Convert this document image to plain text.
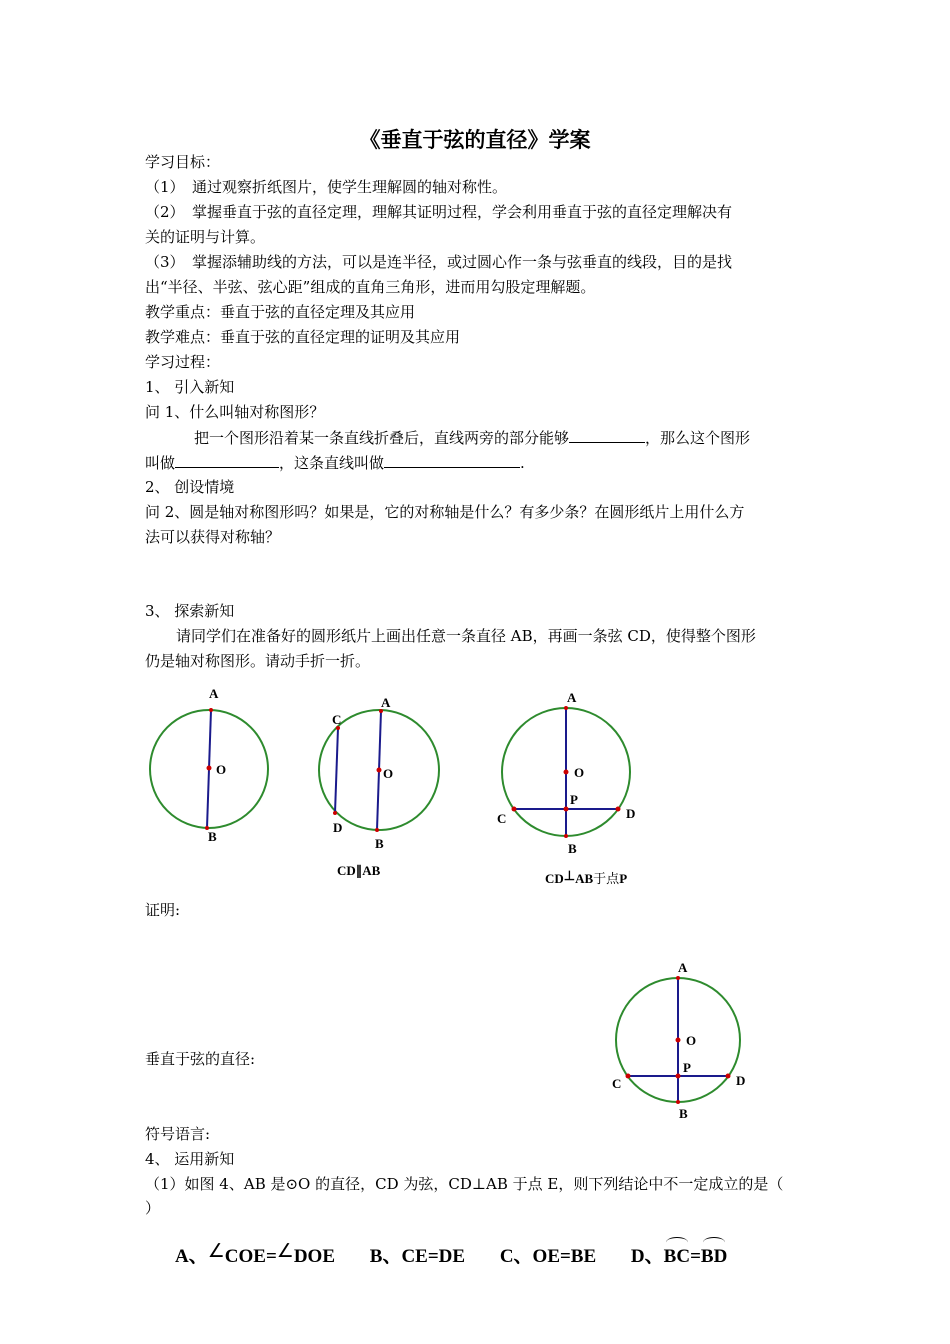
《垂直于弦的直径》学案
学习目标：
（1）　通过观察折纸图片，使学生理解圆的轴对称性。
（2）　掌握垂直于弦的直径定理，理解其证明过程，学会利用垂直于弦的直径定理解决有
关的证明与计算。
（3）　掌握添辅助线的方法，可以是连半径，或过圆心作一条与弦垂直的线段，目的是找
出“半径、半弦、弦心距”组成的直角三角形，进而用勾股定理解题。
教学重点：垂直于弦的直径定理及其应用
教学难点：垂直于弦的直径定理的证明及其应用
学习过程：
1、 引入新知
问 1、什么叫轴对称图形？
把一个图形沿着某一条直线折叠后，直线两旁的部分能够	，那么这个图形
叫做	，这条直线叫做	.
2、 创设情境
问 2、圆是轴对称图形吗？如果是，它的对称轴是什么？有多少条？在圆形纸片上用什么方
法可以获得对称轴？
3、 探索新知
请同学们在准备好的圆形纸片上画出任意一条直径 AB，再画一条弦 CD，使得整个图形
仍是轴对称图形。请动手折一折。
A
O
B
A
C
O
D
B
CD∥AB
A
O
P
C	D
B
CD⊥AB于点P
证明:
A
O
P
C	D
B
垂直于弦的直径:
符号语言:
4、 运用新知
（1）如图 4、AB 是⊙O 的直径，CD 为弦，CD⊥AB 于点 E，则下列结论中不一定成立的是（
）
A、∠COE=∠DOE B、CE=DE C、OE=BE D、BC=BD
